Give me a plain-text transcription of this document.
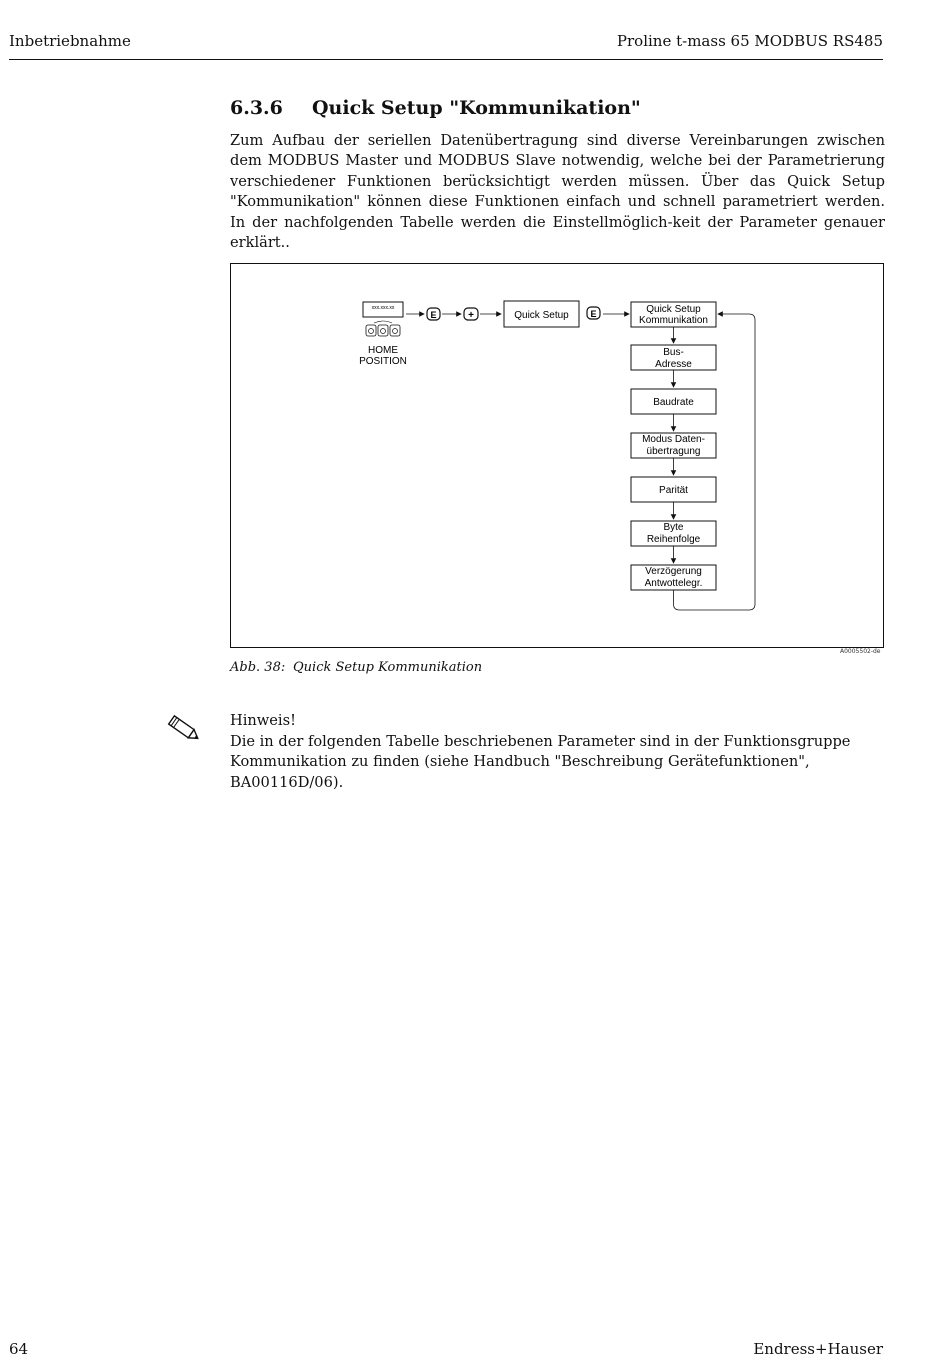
Inbetriebnahme	Proline t-mass 65 MODBUS RS485
6.3.6 Quick Setup "Kommunikation"
Zum Aufbau der seriellen Datenübertragung sind diverse Vereinbarungen zwischen dem MODBUS Master und MODBUS Slave notwendig, welche bei der Parametrierung verschiedener Funktionen berücksichtigt werden müssen. Über das Quick Setup "Kommunikation" können diese Funktionen einfach und schnell parametriert werden. In der nachfolgenden Tabelle werden die Einstellmöglich-keit der Parameter genauer erklärt..
xxx.xxx.xx
HOME
POSITION
E	+	Quick Setup E	Quick Setup
Kommunikation
Bus-
Adresse
Baudrate
Modus Daten-
übertragung
Parität
Byte
Reihenfolge
Verzögerung
Antwottelegr.
A0005502-de
Abb. 38: Quick Setup Kommunikation
Hinweis!
Die in der folgenden Tabelle beschriebenen Parameter sind in der Funktionsgruppe Kommunikation zu finden (siehe Handbuch "Beschreibung Gerätefunktionen", BA00116D/06).
64	Endress+Hauser
